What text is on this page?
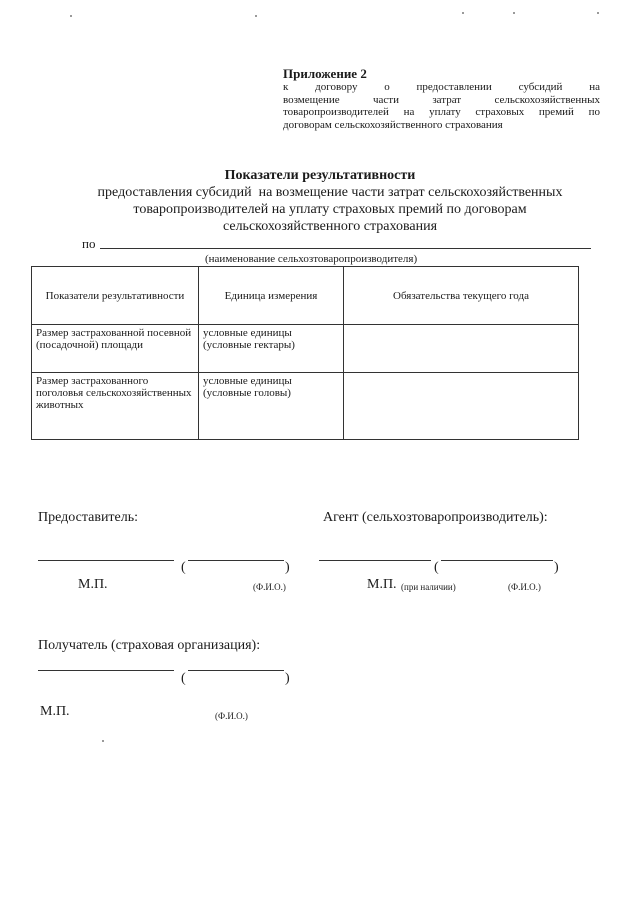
Приложение 2

к договору о предоставлении субсидий на

возмещение части затрат сельскохозяйственных

товаропроизводителей на уплату страховых премий по

договорам сельскохозяйственного страхования

Показатели результативности
предоставления субсидий  на возмещение части затрат сельскохозяйственных
товаропроизводителей на уплату страховых премий по договорам
сельскохозяйственного страхования
по
(наименование сельхозтоваропроизводителя)
Показатели результативности	Единица измерения	Обязательства текущего года
Размер застрахованной посевной (посадочной) площади	условные единицы (условные гектары)	
Размер застрахованного поголовья сельскохозяйственных животных	условные единицы (условные головы)	
Предоставитель:	Агент (сельхозтоваропроизводитель):
(	)	(	)
М.П.	(Ф.И.О.)	М.П. (при наличии)	(Ф.И.О.)
Получатель (страховая организация):
(	)
М.П.	(Ф.И.О.)
